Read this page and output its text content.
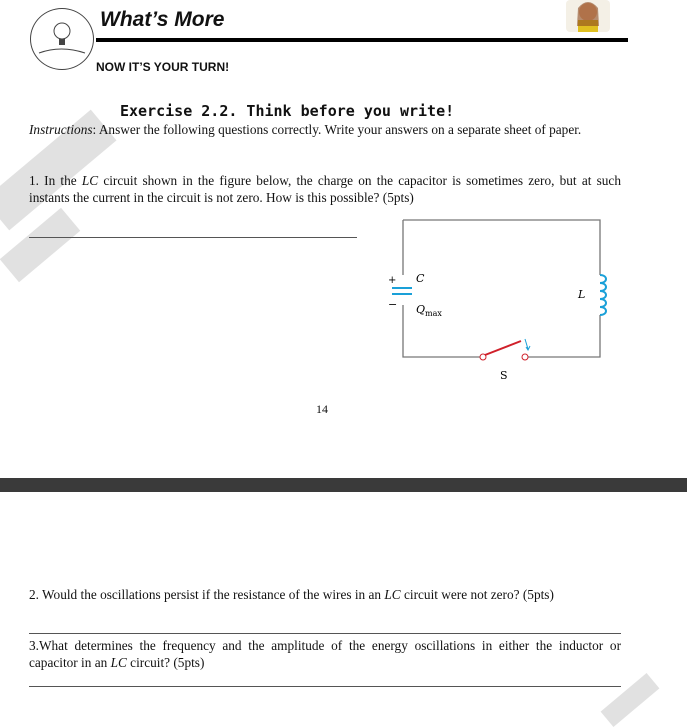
What’s More
NOW IT’S YOUR TURN!
Exercise 2.2. Think before you write!
Instructions: Answer the following questions correctly. Write your answers on a separate sheet of paper.
1. In the LC circuit shown in the figure below, the charge on the capacitor is sometimes zero, but at such instants the current in the circuit is not zero. How is this possible? (5pts)
+
−
C
Q max
L
S
14
2. Would the oscillations persist if the resistance of the wires in an LC circuit were not zero? (5pts)
3.What determines the frequency and the amplitude of the energy oscillations in either the inductor or capacitor in an LC circuit? (5pts)
